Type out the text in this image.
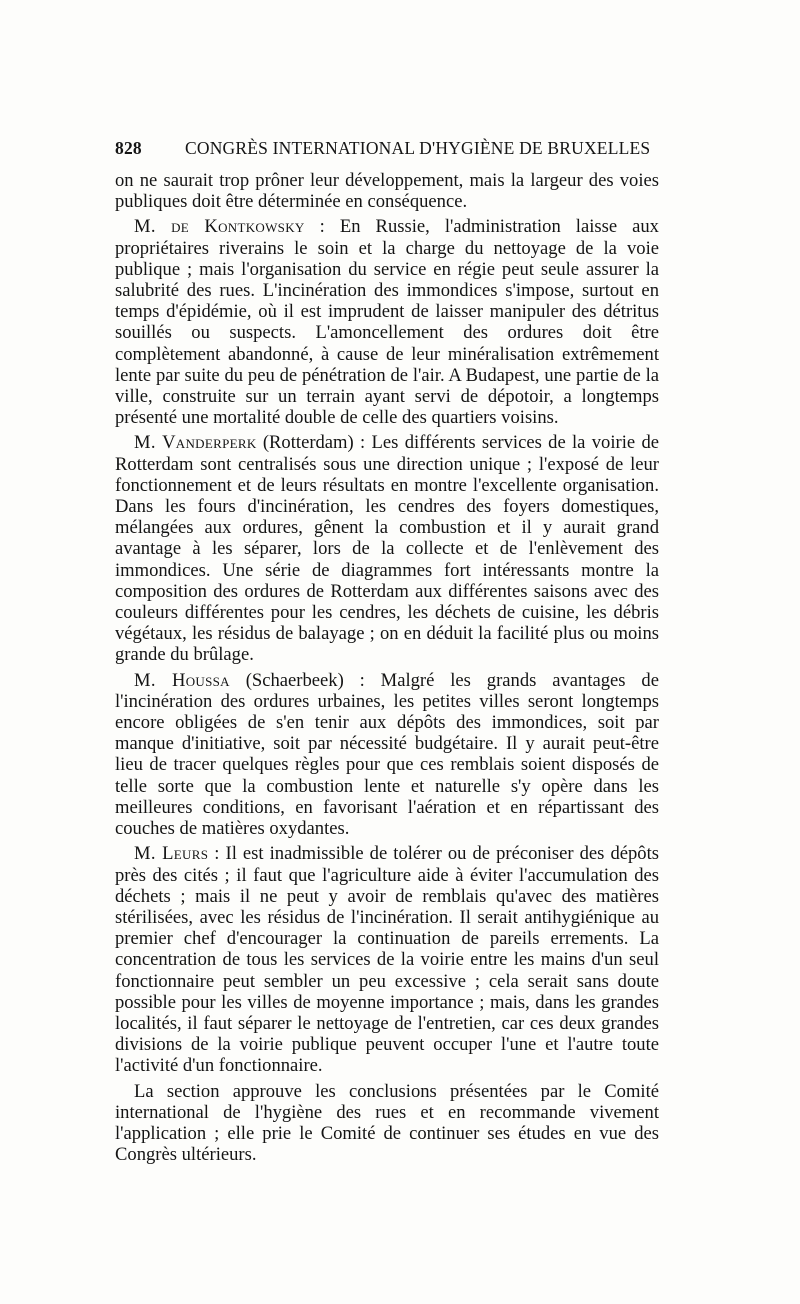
828	CONGRÈS INTERNATIONAL D'HYGIÈNE DE BRUXELLES

on ne saurait trop prôner leur développement, mais la largeur des voies publiques doit être déterminée en conséquence.

M. de Kontkowsky : En Russie, l'administration laisse aux propriétaires riverains le soin et la charge du nettoyage de la voie publique ; mais l'organisation du service en régie peut seule assurer la salubrité des rues. L'incinération des immondices s'impose, surtout en temps d'épidémie, où il est imprudent de laisser manipuler des détritus souillés ou suspects. L'amoncellement des ordures doit être complètement abandonné, à cause de leur minéralisation extrêmement lente par suite du peu de pénétration de l'air. A Budapest, une partie de la ville, construite sur un terrain ayant servi de dépotoir, a longtemps présenté une mortalité double de celle des quartiers voisins.

M. Vanderperk (Rotterdam) : Les différents services de la voirie de Rotterdam sont centralisés sous une direction unique ; l'exposé de leur fonctionnement et de leurs résultats en montre l'excellente organisation. Dans les fours d'incinération, les cendres des foyers domestiques, mélangées aux ordures, gênent la combustion et il y aurait grand avantage à les séparer, lors de la collecte et de l'enlèvement des immondices. Une série de diagrammes fort intéressants montre la composition des ordures de Rotterdam aux différentes saisons avec des couleurs différentes pour les cendres, les déchets de cuisine, les débris végétaux, les résidus de balayage ; on en déduit la facilité plus ou moins grande du brûlage.

M. Houssa (Schaerbeek) : Malgré les grands avantages de l'incinération des ordures urbaines, les petites villes seront longtemps encore obligées de s'en tenir aux dépôts des immondices, soit par manque d'initiative, soit par nécessité budgétaire. Il y aurait peut-être lieu de tracer quelques règles pour que ces remblais soient disposés de telle sorte que la combustion lente et naturelle s'y opère dans les meilleures conditions, en favorisant l'aération et en répartissant des couches de matières oxydantes.

M. Leurs : Il est inadmissible de tolérer ou de préconiser des dépôts près des cités ; il faut que l'agriculture aide à éviter l'accumulation des déchets ; mais il ne peut y avoir de remblais qu'avec des matières stérilisées, avec les résidus de l'incinération. Il serait antihygiénique au premier chef d'encourager la continuation de pareils errements. La concentration de tous les services de la voirie entre les mains d'un seul fonctionnaire peut sembler un peu excessive ; cela serait sans doute possible pour les villes de moyenne importance ; mais, dans les grandes localités, il faut séparer le nettoyage de l'entretien, car ces deux grandes divisions de la voirie publique peuvent occuper l'une et l'autre toute l'activité d'un fonctionnaire.

La section approuve les conclusions présentées par le Comité international de l'hygiène des rues et en recommande vivement l'application ; elle prie le Comité de continuer ses études en vue des Congrès ultérieurs.
